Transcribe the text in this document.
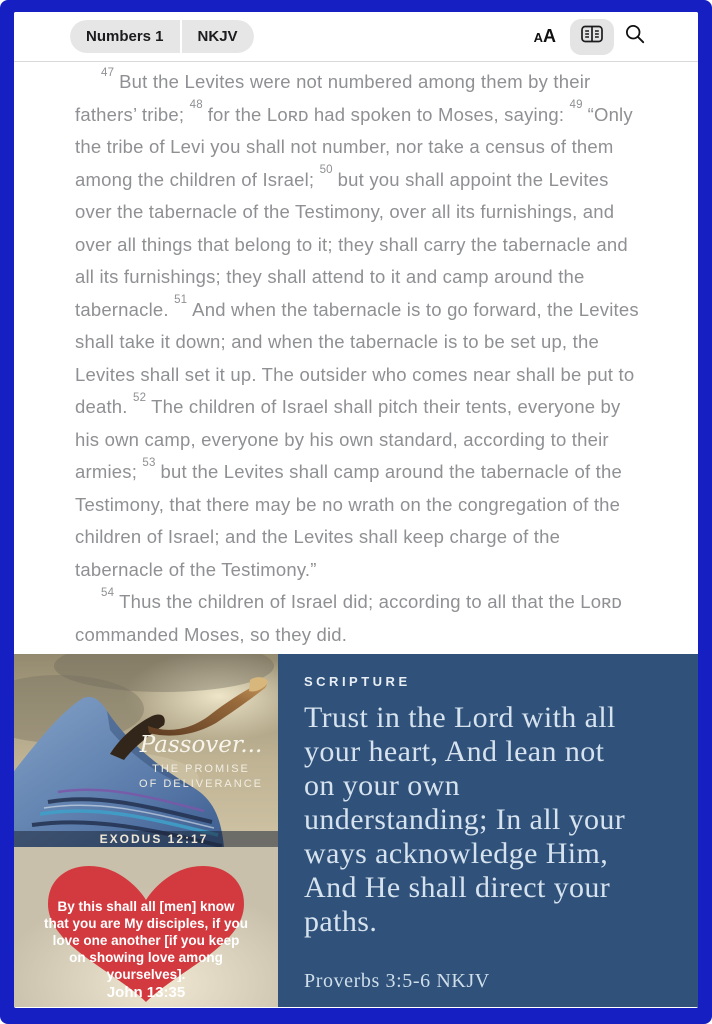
Numbers 1	NKJV	A A

$^{47}$ But the Levites were not numbered among them by their fathers’ tribe; $^{48}$ for the Lᴏʀᴅ had spoken to Moses, saying: $^{49}$ “Only the tribe of Levi you shall not number, nor take a census of them among the children of Israel; $^{50}$ but you shall appoint the Levites over the tabernacle of the Testimony, over all its furnishings, and over all things that belong to it; they shall carry the tabernacle and all its furnishings; they shall attend to it and camp around the tabernacle. $^{51}$ And when the tabernacle is to go forward, the Levites shall take it down; and when the tabernacle is to be set up, the Levites shall set it up. The outsider who comes near shall be put to death. $^{52}$ The children of Israel shall pitch their tents, everyone by his own camp, everyone by his own standard, according to their armies; $^{53}$ but the Levites shall camp around the tabernacle of the Testimony, that there may be no wrath on the congregation of the children of Israel; and the Levites shall keep charge of the tabernacle of the Testimony.”

$^{54}$ Thus the children of Israel did; according to all that the Lᴏʀᴅ commanded Moses, so they did.

Passover...
THE PROMISE
OF DELIVERANCE
EXODUS 12:17
By this shall all [men] know
that you are My disciples, if you
love one another [if you keep
on showing love among
yourselves].
John 13:35
SCRIPTURE
Trust in the Lord with all your heart, And lean not on your own understanding; In all your ways acknowledge Him, And He shall direct your paths.
Proverbs 3:5-6 NKJV
